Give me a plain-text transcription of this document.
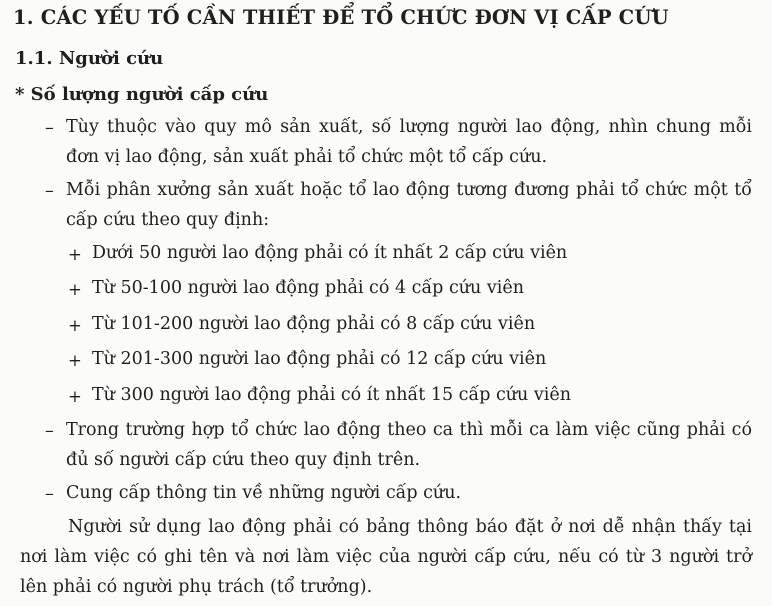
1. CÁC YẾU TỐ CẦN THIẾT ĐỂ TỔ CHỨC ĐƠN VỊ CẤP CỨU
1.1. Người cứu
* Số lượng người cấp cứu
– Tùy thuộc vào quy mô sản xuất, số lượng người lao động, nhìn chung mỗi đơn vị lao động, sản xuất phải tổ chức một tổ cấp cứu.
– Mỗi phân xưởng sản xuất hoặc tổ lao động tương đương phải tổ chức một tổ cấp cứu theo quy định:
+ Dưới 50 người lao động phải có ít nhất 2 cấp cứu viên
+ Từ 50-100 người lao động phải có 4 cấp cứu viên
+ Từ 101-200 người lao động phải có 8 cấp cứu viên
+ Từ 201-300 người lao động phải có 12 cấp cứu viên
+ Từ 300 người lao động phải có ít nhất 15 cấp cứu viên
– Trong trường hợp tổ chức lao động theo ca thì mỗi ca làm việc cũng phải có đủ số người cấp cứu theo quy định trên.
– Cung cấp thông tin về những người cấp cứu.
Người sử dụng lao động phải có bảng thông báo đặt ở nơi dễ nhận thấy tại nơi làm việc có ghi tên và nơi làm việc của người cấp cứu, nếu có từ 3 người trở lên phải có người phụ trách (tổ trưởng).
